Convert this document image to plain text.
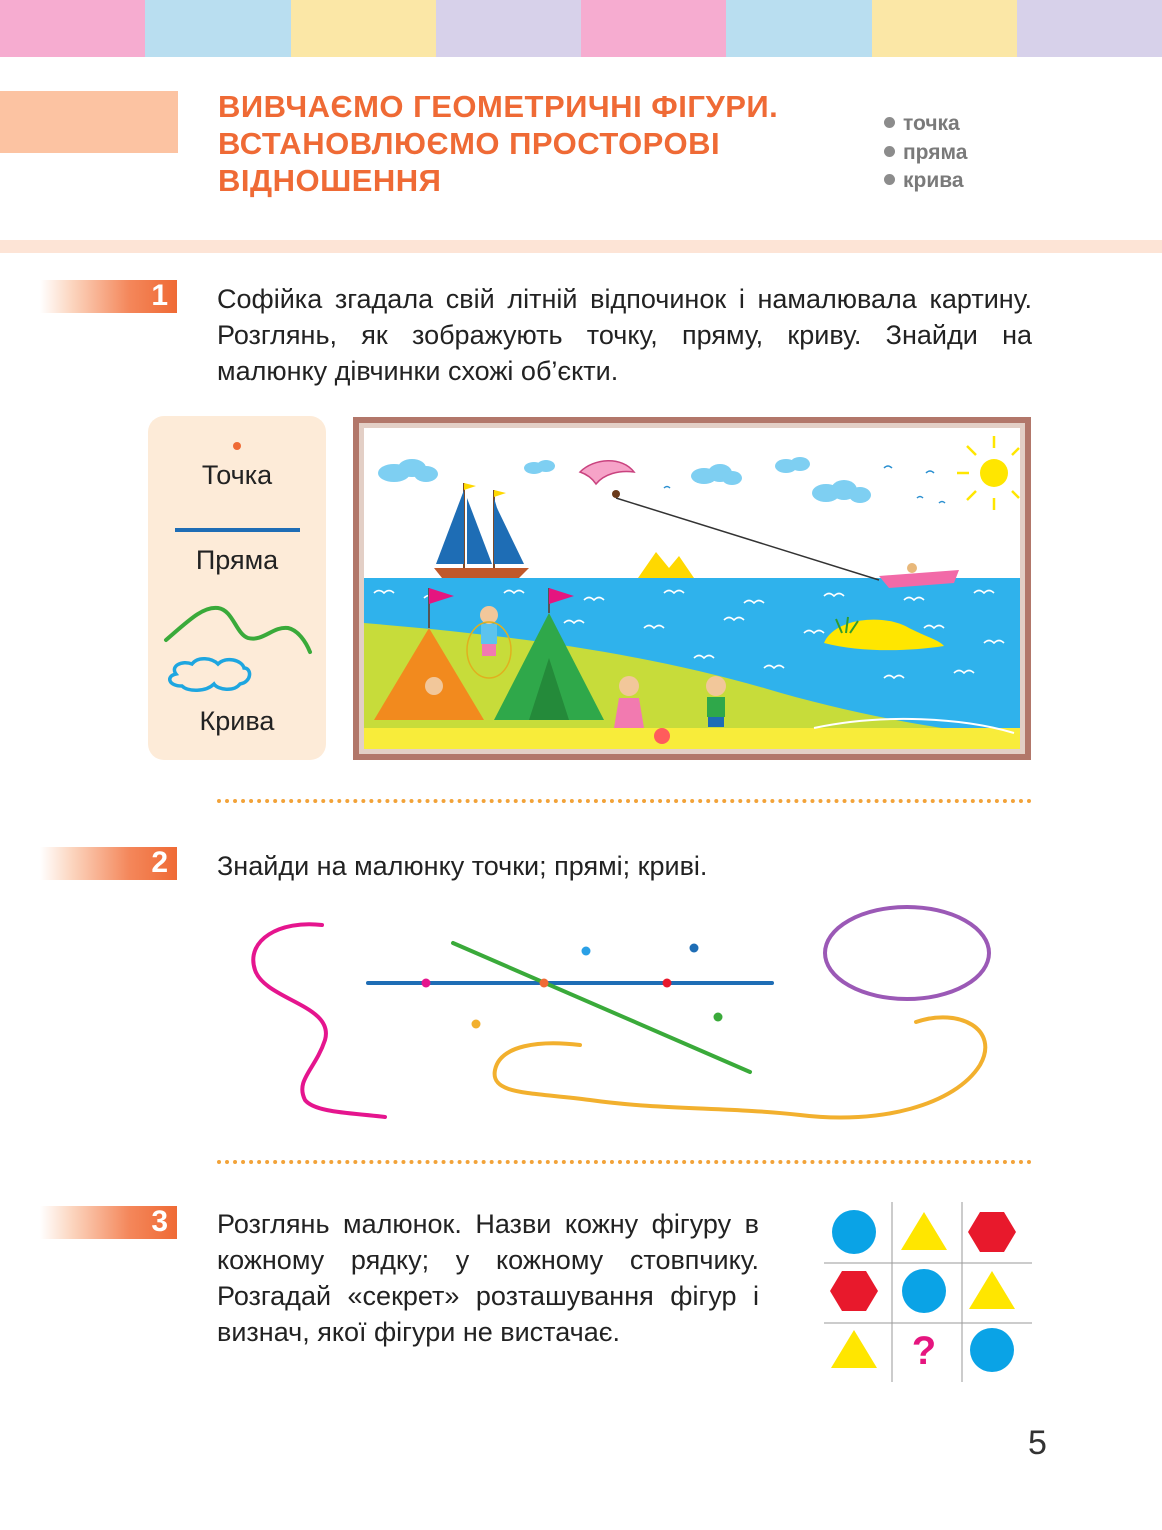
ВИВЧАЄМО ГЕОМЕТРИЧНІ ФІГУРИ.
ВСТАНОВЛЮЄМО ПРОСТОРОВІ
ВІДНОШЕННЯ
точка
пряма
крива
1 Софійка згадала свій літній відпочинок і намалювала картину. Розглянь, як зображують точку, пряму, криву. Знайди на малюнку дівчинки схожі об’єкти.
Точка
Пряма
Крива
2 Знайди на малюнку точки; прямі; криві.
3 Розглянь малюнок. Назви кожну фігуру в кожному рядку; у кожному стовпчику. Розгадай «секрет» розташування фігур і визнач, якої фігури не вистачає.	?
5
